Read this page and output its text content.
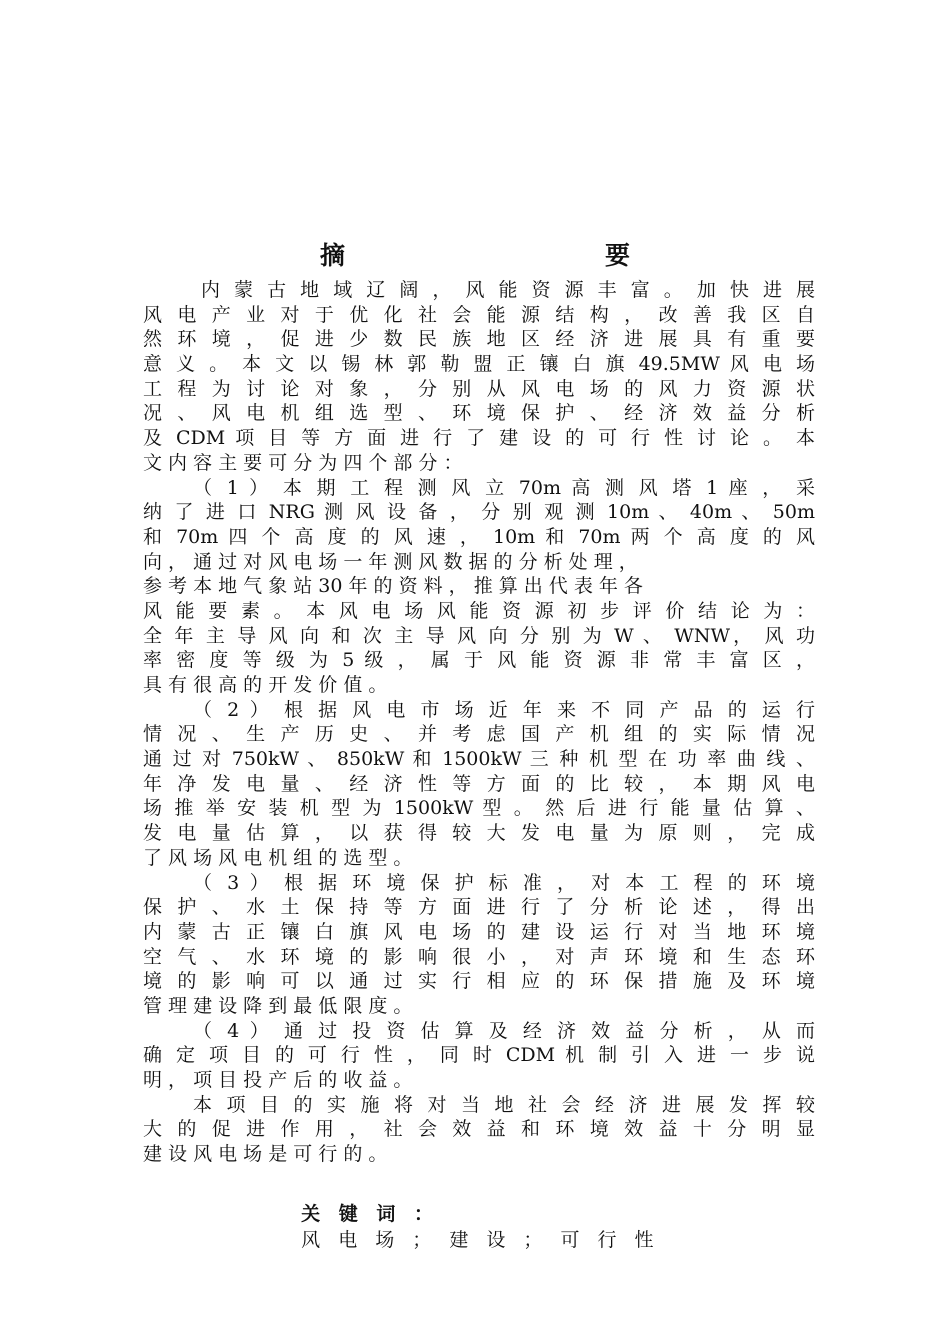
摘　　要
内 蒙 古 地 域 辽 阔 ， 风 能 资 源 丰 富 。 加 快 进 展
风 电 产 业 对 于 优 化 社 会 能 源 结 构 ， 改 善 我 区 自
然 环 境 ， 促 进 少 数 民 族 地 区 经 济 进 展 具 有 重 要
意 义 。 本 文 以 锡 林 郭 勒 盟 正 镶 白 旗 49.5MW 风 电 场
工 程 为 讨 论 对 象 ， 分 别 从 风 电 场 的 风 力 资 源 状
况 、 风 电 机 组 选 型 、 环 境 保 护 、 经 济 效 益 分 析
及 CDM 项 目 等 方 面 进 行 了 建 设 的 可 行 性 讨 论 。 本
文 内 容 主 要 可 分 为 四 个 部 分 ：
（ 1 ） 本 期 工 程 测 风 立 70m 高 测 风 塔 1 座 ， 采
纳 了 进 口 NRG 测 风 设 备 ， 分 别 观 测 10m 、 40m 、 50m
和 70m 四 个 高 度 的 风 速 ， 10m 和 70m 两 个 高 度 的 风
向 ， 通 过 对 风 电 场 一 年 测 风 数 据 的 分 析 处 理 ，
参 考 本 地 气 象 站 30 年 的 资 料 ， 推 算 出 代 表 年 各
风 能 要 素 。 本 风 电 场 风 能 资 源 初 步 评 价 结 论 为 ：
全 年 主 导 风 向 和 次 主 导 风 向 分 别 为 W 、 WNW， 风 功
率 密 度 等 级 为 5 级 ， 属 于 风 能 资 源 非 常 丰 富 区 ，
具 有 很 高 的 开 发 价 值 。
（ 2 ） 根 据 风 电 市 场 近 年 来 不 同 产 品 的 运 行
情 况 、 生 产 历 史 、 并 考 虑 国 产 机 组 的 实 际 情 况
通 过 对 750kW 、 850kW 和 1500kW 三 种 机 型 在 功 率 曲 线 、
年 净 发 电 量 、 经 济 性 等 方 面 的 比 较 ， 本 期 风 电
场 推 举 安 装 机 型 为 1500kW 型 。 然 后 进 行 能 量 估 算 、
发 电 量 估 算 ， 以 获 得 较 大 发 电 量 为 原 则 ， 完 成
了 风 场 风 电 机 组 的 选 型 。
（ 3 ） 根 据 环 境 保 护 标 准 ， 对 本 工 程 的 环 境
保 护 、 水 土 保 持 等 方 面 进 行 了 分 析 论 述 ， 得 出
内 蒙 古 正 镶 白 旗 风 电 场 的 建 设 运 行 对 当 地 环 境
空 气 、 水 环 境 的 影 响 很 小 ， 对 声 环 境 和 生 态 环
境 的 影 响 可 以 通 过 实 行 相 应 的 环 保 措 施 及 环 境
管 理 建 设 降 到 最 低 限 度 。
（ 4 ） 通 过 投 资 估 算 及 经 济 效 益 分 析 ， 从 而
确 定 项 目 的 可 行 性 ， 同 时 CDM 机 制 引 入 进 一 步 说
明 ， 项 目 投 产 后 的 收 益 。
本 项 目 的 实 施 将 对 当 地 社 会 经 济 进 展 发 挥 较
大 的 促 进 作 用 ， 社 会 效 益 和 环 境 效 益 十 分 明 显
建 设 风 电 场 是 可 行 的 。

关 键 词 ：
风 电 场 ； 建 设 ； 可 行 性
